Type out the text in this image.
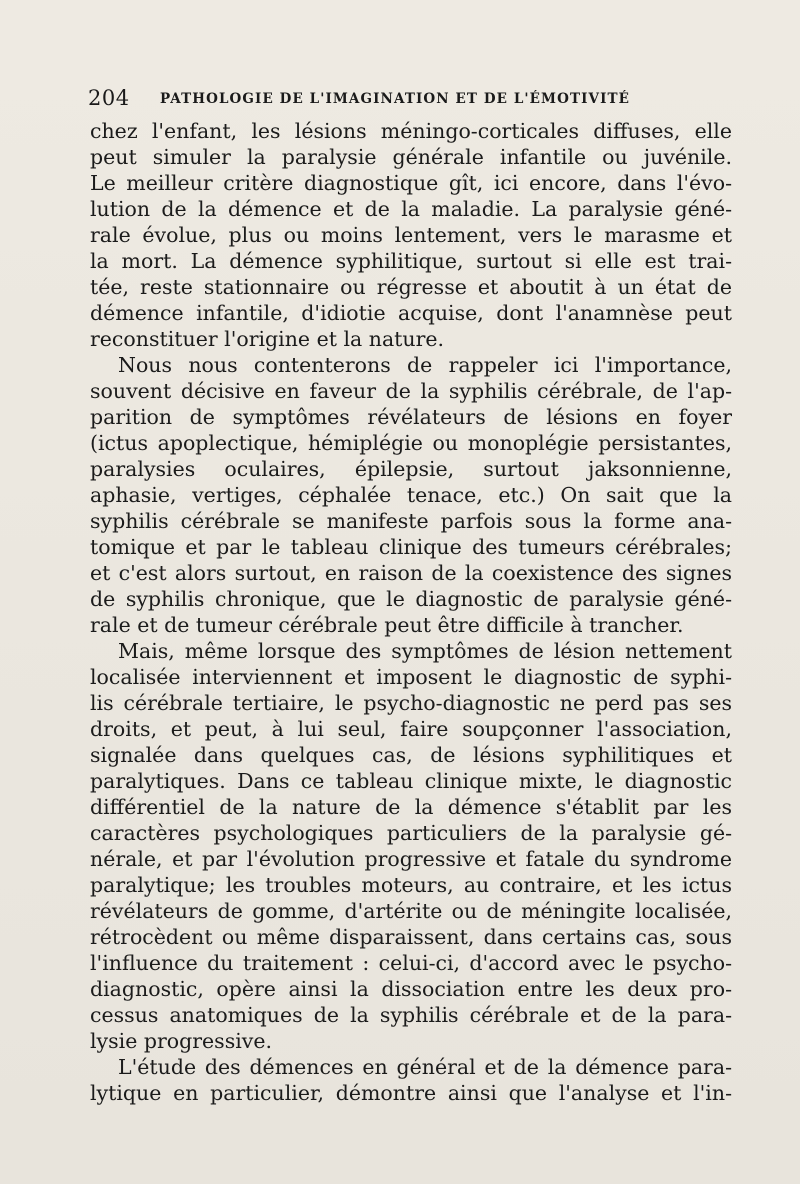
204 PATHOLOGIE DE L'IMAGINATION ET DE L'ÉMOTIVITÉ
chez l'enfant, les lésions méningo-corticales diffuses, elle
peut simuler la paralysie générale infantile ou juvénile.
Le meilleur critère diagnostique gît, ici encore, dans l'évo-
lution de la démence et de la maladie. La paralysie géné-
rale évolue, plus ou moins lentement, vers le marasme et
la mort. La démence syphilitique, surtout si elle est trai-
tée, reste stationnaire ou régresse et aboutit à un état de
démence infantile, d'idiotie acquise, dont l'anamnèse peut
reconstituer l'origine et la nature.
Nous nous contenterons de rappeler ici l'importance,
souvent décisive en faveur de la syphilis cérébrale, de l'ap-
parition de symptômes révélateurs de lésions en foyer
(ictus apoplectique, hémiplégie ou monoplégie persistantes,
paralysies oculaires, épilepsie, surtout jaksonnienne,
aphasie, vertiges, céphalée tenace, etc.) On sait que la
syphilis cérébrale se manifeste parfois sous la forme ana-
tomique et par le tableau clinique des tumeurs cérébrales;
et c'est alors surtout, en raison de la coexistence des signes
de syphilis chronique, que le diagnostic de paralysie géné-
rale et de tumeur cérébrale peut être difficile à trancher.
Mais, même lorsque des symptômes de lésion nettement
localisée interviennent et imposent le diagnostic de syphi-
lis cérébrale tertiaire, le psycho-diagnostic ne perd pas ses
droits, et peut, à lui seul, faire soupçonner l'association,
signalée dans quelques cas, de lésions syphilitiques et
paralytiques. Dans ce tableau clinique mixte, le diagnostic
différentiel de la nature de la démence s'établit par les
caractères psychologiques particuliers de la paralysie gé-
nérale, et par l'évolution progressive et fatale du syndrome
paralytique; les troubles moteurs, au contraire, et les ictus
révélateurs de gomme, d'artérite ou de méningite localisée,
rétrocèdent ou même disparaissent, dans certains cas, sous
l'influence du traitement : celui-ci, d'accord avec le psycho-
diagnostic, opère ainsi la dissociation entre les deux pro-
cessus anatomiques de la syphilis cérébrale et de la para-
lysie progressive.
L'étude des démences en général et de la démence para-
lytique en particulier, démontre ainsi que l'analyse et l'in-
